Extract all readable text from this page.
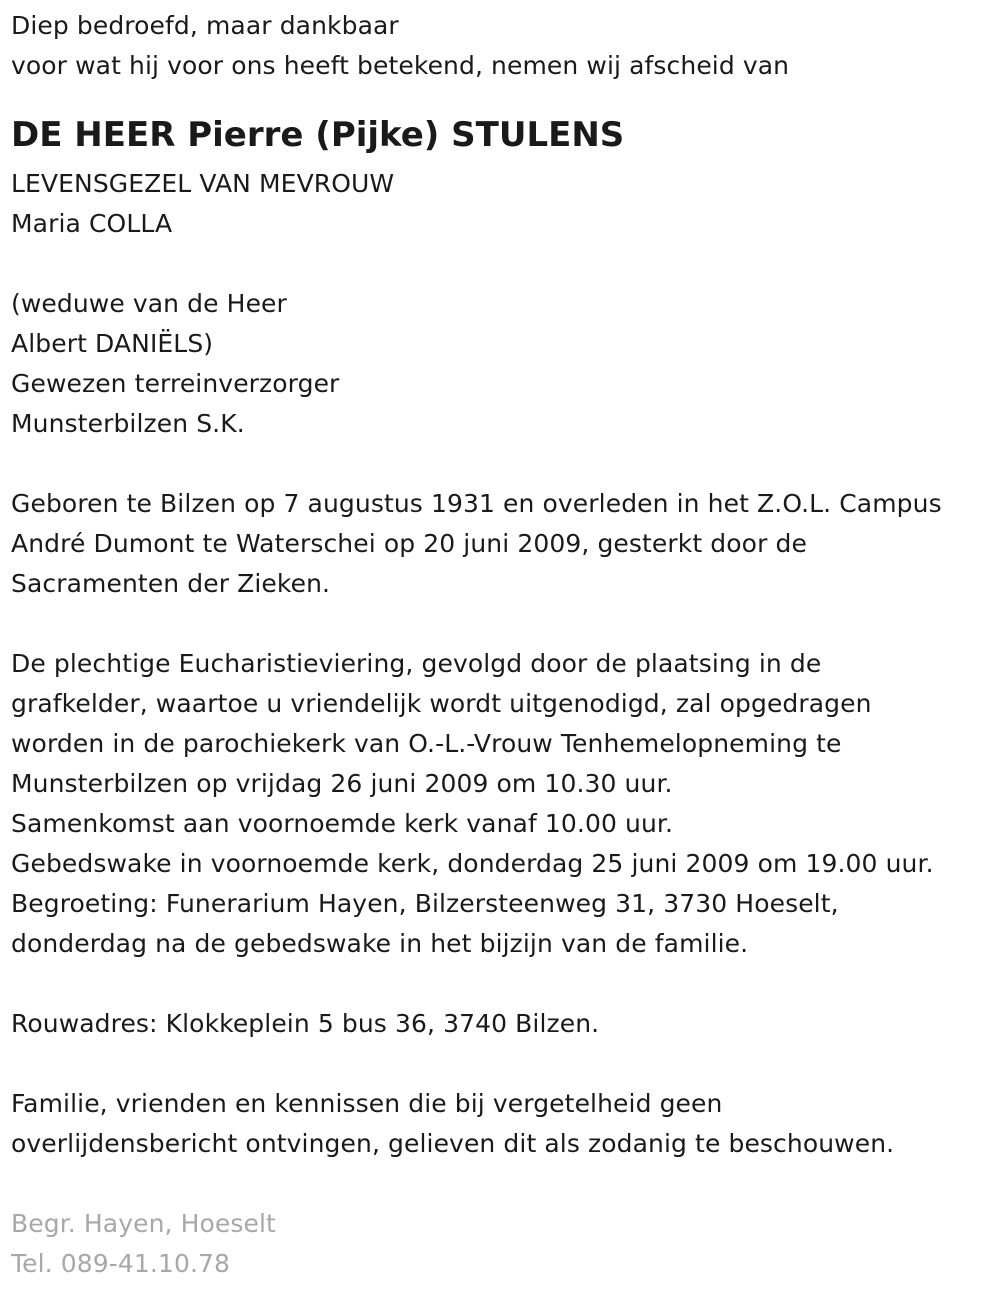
Diep bedroefd, maar dankbaar
voor wat hij voor ons heeft betekend, nemen wij afscheid van
DE HEER Pierre (Pijke) STULENS
LEVENSGEZEL VAN MEVROUW
Maria COLLA
(weduwe van de Heer
Albert DANIËLS)
Gewezen terreinverzorger
Munsterbilzen S.K.
Geboren te Bilzen op 7 augustus 1931 en overleden in het Z.O.L. Campus
André Dumont te Waterschei op 20 juni 2009, gesterkt door de
Sacramenten der Zieken.
De plechtige Eucharistieviering, gevolgd door de plaatsing in de
grafkelder, waartoe u vriendelijk wordt uitgenodigd, zal opgedragen
worden in de parochiekerk van O.-L.-Vrouw Tenhemelopneming te
Munsterbilzen op vrijdag 26 juni 2009 om 10.30 uur.
Samenkomst aan voornoemde kerk vanaf 10.00 uur.
Gebedswake in voornoemde kerk, donderdag 25 juni 2009 om 19.00 uur.
Begroeting: Funerarium Hayen, Bilzersteenweg 31, 3730 Hoeselt,
donderdag na de gebedswake in het bijzijn van de familie.
Rouwadres: Klokkeplein 5 bus 36, 3740 Bilzen.
Familie, vrienden en kennissen die bij vergetelheid geen
overlijdensbericht ontvingen, gelieven dit als zodanig te beschouwen.
Begr. Hayen, Hoeselt
Tel. 089-41.10.78
